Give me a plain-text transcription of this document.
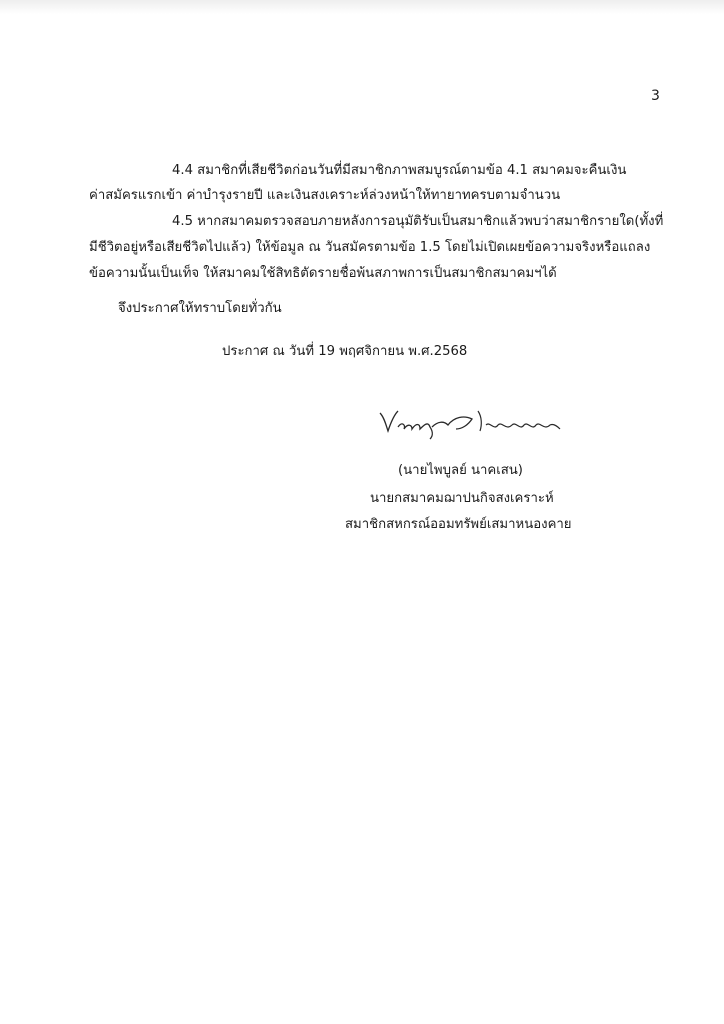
3
4.4 สมาชิกที่เสียชีวิตก่อนวันที่มีสมาชิกภาพสมบูรณ์ตามข้อ 4.1 สมาคมจะคืนเงิน
ค่าสมัครแรกเข้า ค่าบำรุงรายปี และเงินสงเคราะห์ล่วงหน้าให้ทายาทครบตามจำนวน
4.5 หากสมาคมตรวจสอบภายหลังการอนุมัติรับเป็นสมาชิกแล้วพบว่าสมาชิกรายใด(ทั้งที่
มีชีวิตอยู่หรือเสียชีวิตไปแล้ว) ให้ข้อมูล ณ วันสมัครตามข้อ 1.5 โดยไม่เปิดเผยข้อความจริงหรือแถลง
ข้อความนั้นเป็นเท็จ ให้สมาคมใช้สิทธิตัดรายชื่อพ้นสภาพการเป็นสมาชิกสมาคมฯได้
จึงประกาศให้ทราบโดยทั่วกัน
ประกาศ ณ วันที่ 19 พฤศจิกายน พ.ศ.2568
(นายไพบูลย์ นาคเสน)
นายกสมาคมฌาปนกิจสงเคราะห์
สมาชิกสหกรณ์ออมทรัพย์เสมาหนองคาย
